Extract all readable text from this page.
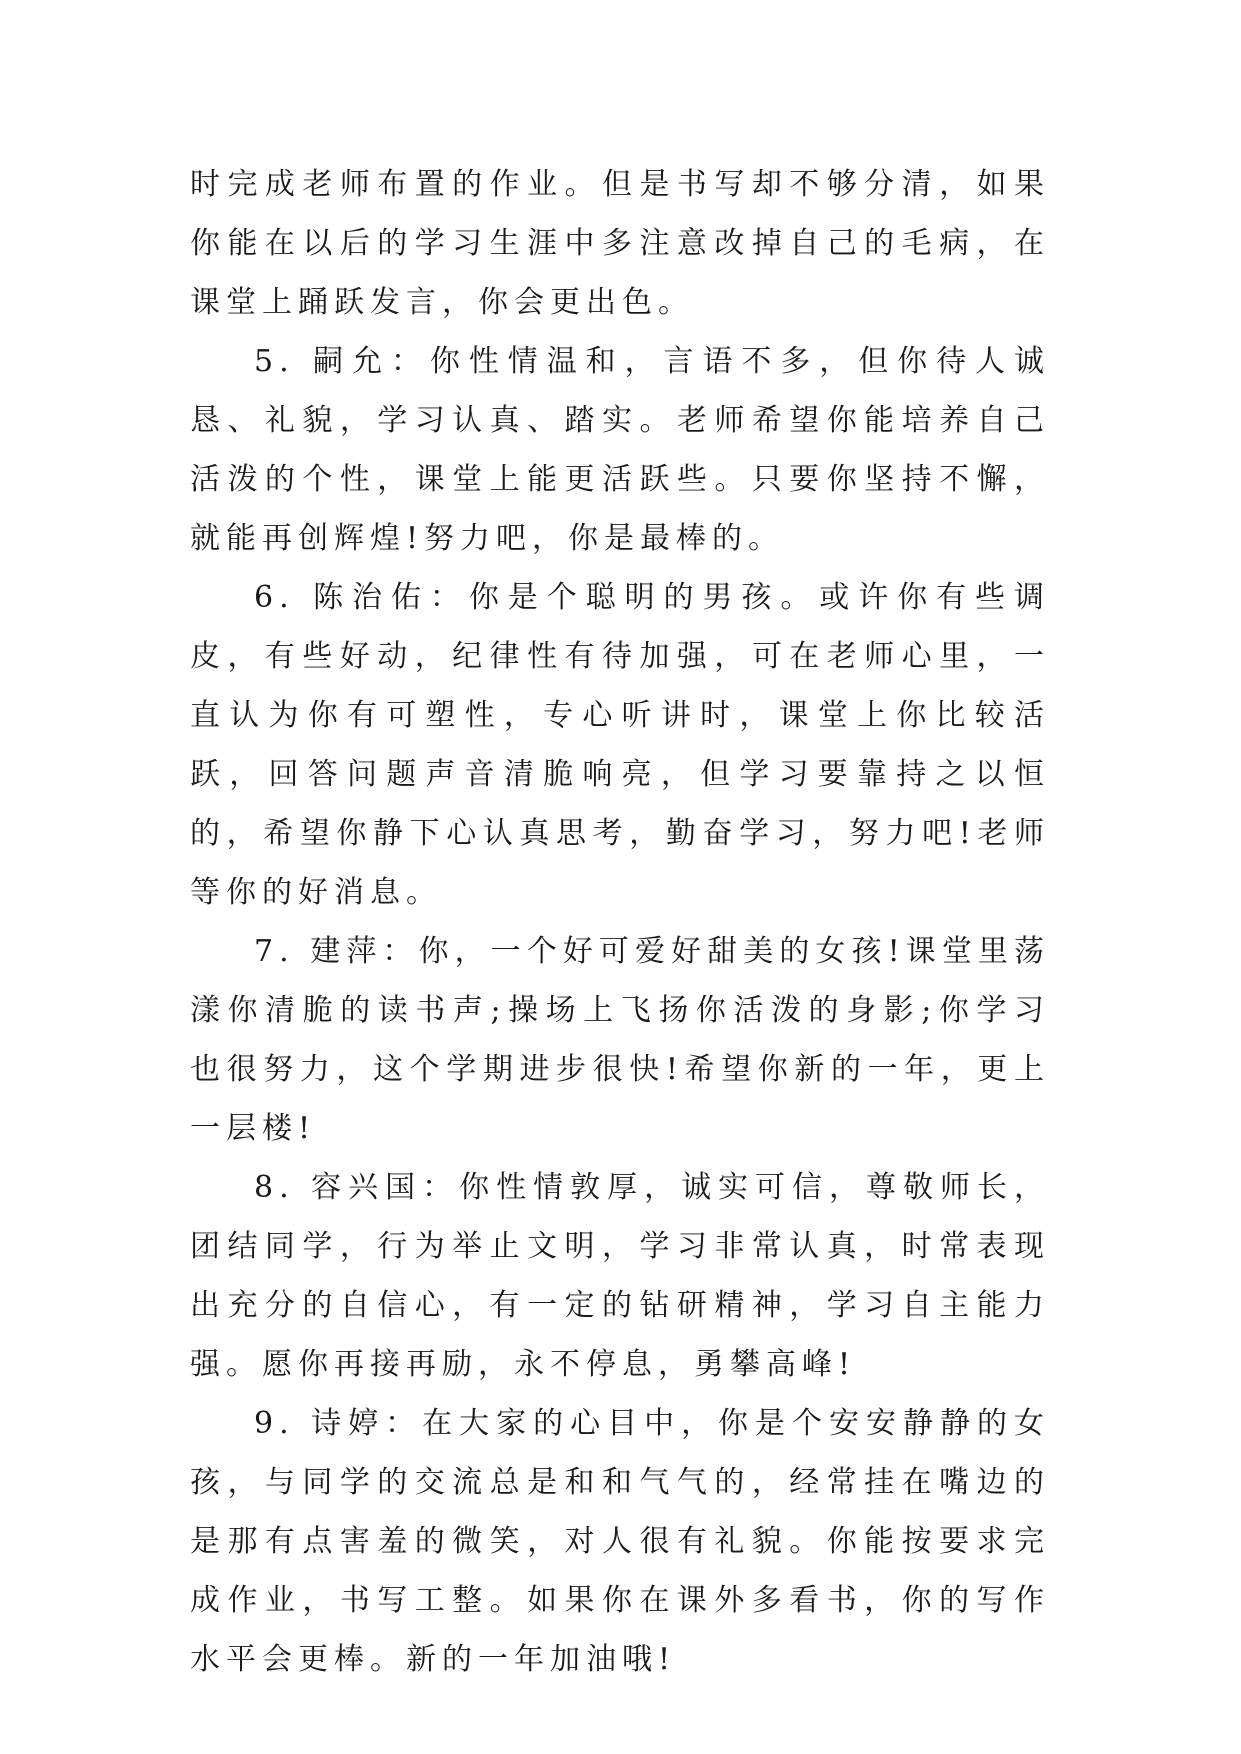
时完成老师布置的作业。但是书写却不够分清，如果你能在以后的学习生涯中多注意改掉自己的毛病，在课堂上踊跃发言，你会更出色。

5. 嗣允：你性情温和，言语不多，但你待人诚恳、礼貌，学习认真、踏实。老师希望你能培养自己活泼的个性，课堂上能更活跃些。只要你坚持不懈，就能再创辉煌!努力吧，你是最棒的。

6. 陈治佑：你是个聪明的男孩。或许你有些调皮，有些好动，纪律性有待加强，可在老师心里，一直认为你有可塑性，专心听讲时，课堂上你比较活跃，回答问题声音清脆响亮，但学习要靠持之以恒的，希望你静下心认真思考，勤奋学习，努力吧!老师等你的好消息。

7. 建萍：你，一个好可爱好甜美的女孩!课堂里荡漾你清脆的读书声;操场上飞扬你活泼的身影;你学习也很努力，这个学期进步很快!希望你新的一年，更上一层楼!

8. 容兴国：你性情敦厚，诚实可信，尊敬师长，团结同学，行为举止文明，学习非常认真，时常表现出充分的自信心，有一定的钻研精神，学习自主能力强。愿你再接再励，永不停息，勇攀高峰!

9. 诗婷：在大家的心目中，你是个安安静静的女孩，与同学的交流总是和和气气的，经常挂在嘴边的是那有点害羞的微笑，对人很有礼貌。你能按要求完成作业，书写工整。如果你在课外多看书，你的写作水平会更棒。新的一年加油哦!
